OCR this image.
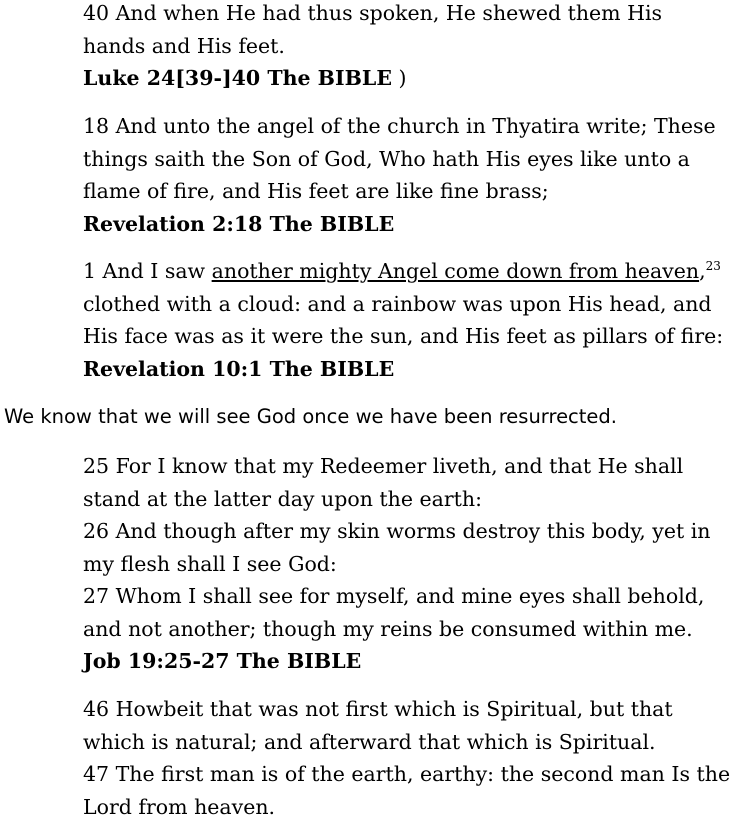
40 And when He had thus spoken, He shewed them His
hands and His feet.
Luke 24[39-]40 The BIBLE )
18 And unto the angel of the church in Thyatira write; These
things saith the Son of God, Who hath His eyes like unto a
flame of fire, and His feet are like fine brass;
Revelation 2:18 The BIBLE
1 And I saw another mighty Angel come down from heaven,$^{23}$
clothed with a cloud: and a rainbow was upon His head, and
His face was as it were the sun, and His feet as pillars of fire:
Revelation 10:1 The BIBLE
We know that we will see God once we have been resurrected.
25 For I know that my Redeemer liveth, and that He shall
stand at the latter day upon the earth:
26 And though after my skin worms destroy this body, yet in
my flesh shall I see God:
27 Whom I shall see for myself, and mine eyes shall behold,
and not another; though my reins be consumed within me.
Job 19:25-27 The BIBLE
46 Howbeit that was not first which is Spiritual, but that
which is natural; and afterward that which is Spiritual.
47 The first man is of the earth, earthy: the second man Is the
Lord from heaven.
